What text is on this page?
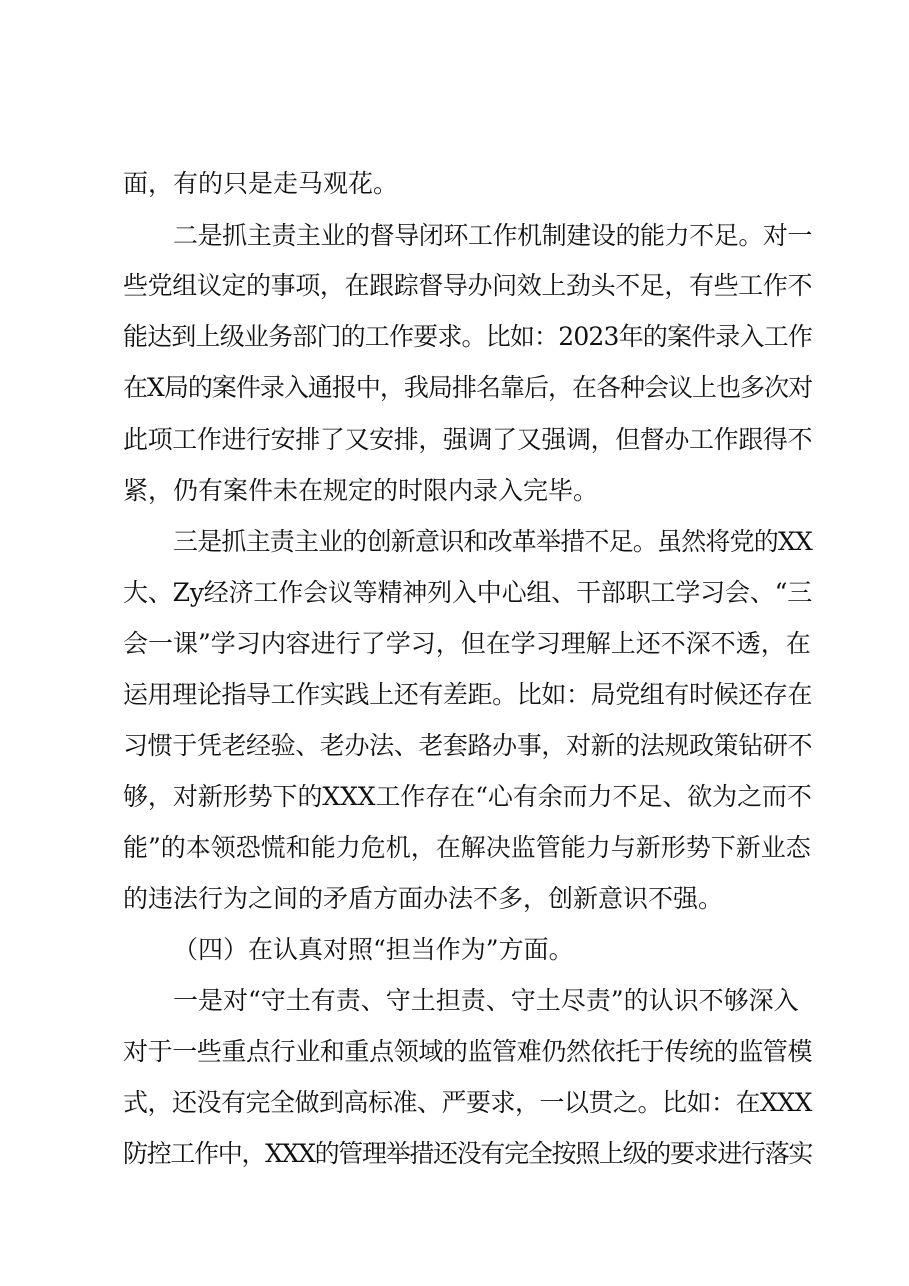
面，有的只是走马观花。

二是抓主责主业的督导闭环工作机制建设的能力不足。对一

些党组议定的事项，在跟踪督导办问效上劲头不足，有些工作不

能达到上级业务部门的工作要求。比如：2023年的案件录入工作

在X局的案件录入通报中，我局排名靠后，在各种会议上也多次对

此项工作进行安排了又安排，强调了又强调，但督办工作跟得不

紧，仍有案件未在规定的时限内录入完毕。

三是抓主责主业的创新意识和改革举措不足。虽然将党的XX

大、Zy经济工作会议等精神列入中心组、干部职工学习会、“三

会一课”学习内容进行了学习，但在学习理解上还不深不透，在

运用理论指导工作实践上还有差距。比如：局党组有时候还存在

习惯于凭老经验、老办法、老套路办事，对新的法规政策钻研不

够，对新形势下的XXX工作存在“心有余而力不足、欲为之而不

能”的本领恐慌和能力危机，在解决监管能力与新形势下新业态

的违法行为之间的矛盾方面办法不多，创新意识不强。

（四）在认真对照“担当作为”方面。

一是对“守土有责、守土担责、守土尽责”的认识不够深入

对于一些重点行业和重点领域的监管难仍然依托于传统的监管模

式，还没有完全做到高标准、严要求，一以贯之。比如：在XXX

防控工作中，XXX的管理举措还没有完全按照上级的要求进行落实
